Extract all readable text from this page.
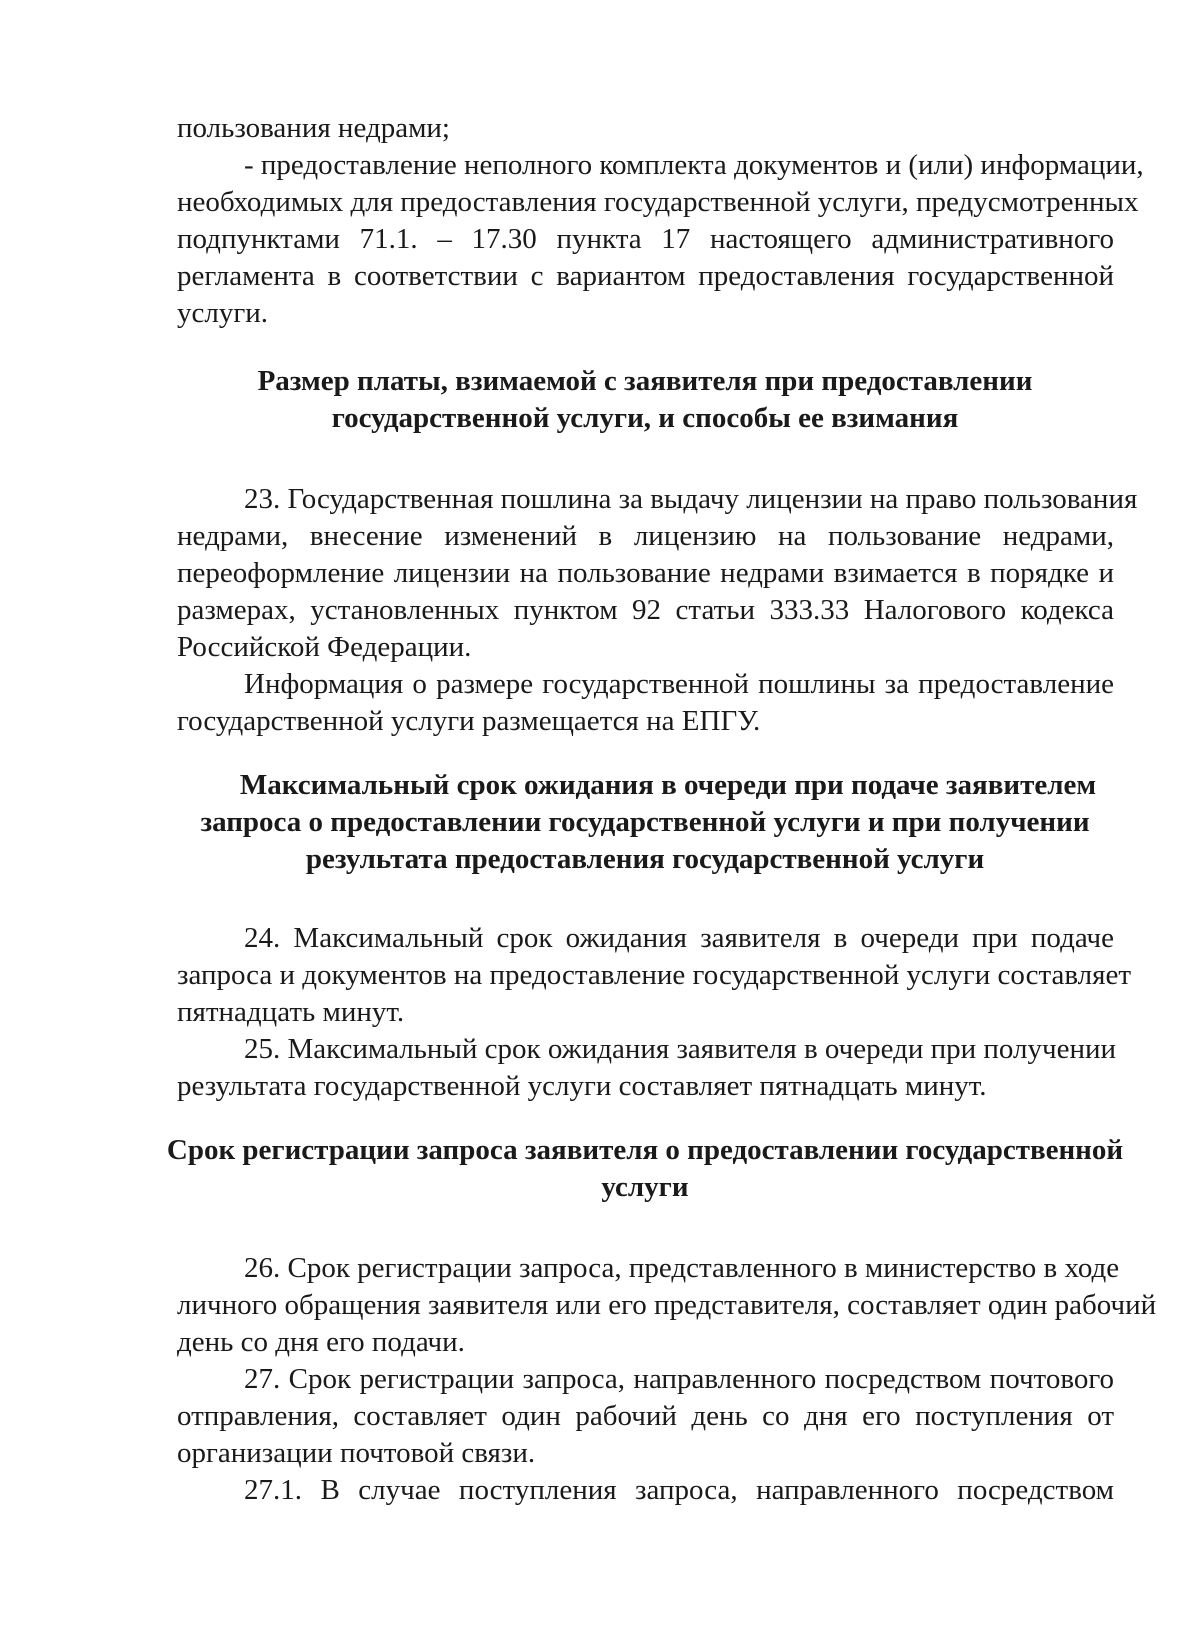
пользования недрами;
- предоставление неполного комплекта документов и (или) информации,
необходимых для предоставления государственной услуги, предусмотренных
подпунктами 71.1. – 17.30 пункта 17 настоящего административного
регламента в соответствии с вариантом предоставления государственной
услуги.
Размер платы, взимаемой с заявителя при предоставлении
государственной услуги, и способы ее взимания
23. Государственная пошлина за выдачу лицензии на право пользования
недрами, внесение изменений в лицензию на пользование недрами,
переоформление лицензии на пользование недрами взимается в порядке и
размерах, установленных пунктом 92 статьи 333.33 Налогового кодекса
Российской Федерации.
Информация о размере государственной пошлины за предоставление
государственной услуги размещается на ЕПГУ.
Максимальный срок ожидания в очереди при подаче заявителем
запроса о предоставлении государственной услуги и при получении
результата предоставления государственной услуги
24. Максимальный срок ожидания заявителя в очереди при подаче
запроса и документов на предоставление государственной услуги составляет
пятнадцать минут.
25. Максимальный срок ожидания заявителя в очереди при получении
результата государственной услуги составляет пятнадцать минут.
Срок регистрации запроса заявителя о предоставлении государственной
услуги
26. Срок регистрации запроса, представленного в министерство в ходе
личного обращения заявителя или его представителя, составляет один рабочий
день со дня его подачи.
27. Срок регистрации запроса, направленного посредством почтового
отправления, составляет один рабочий день со дня его поступления от
организации почтовой связи.
27.1. В случае поступления запроса, направленного посредством
